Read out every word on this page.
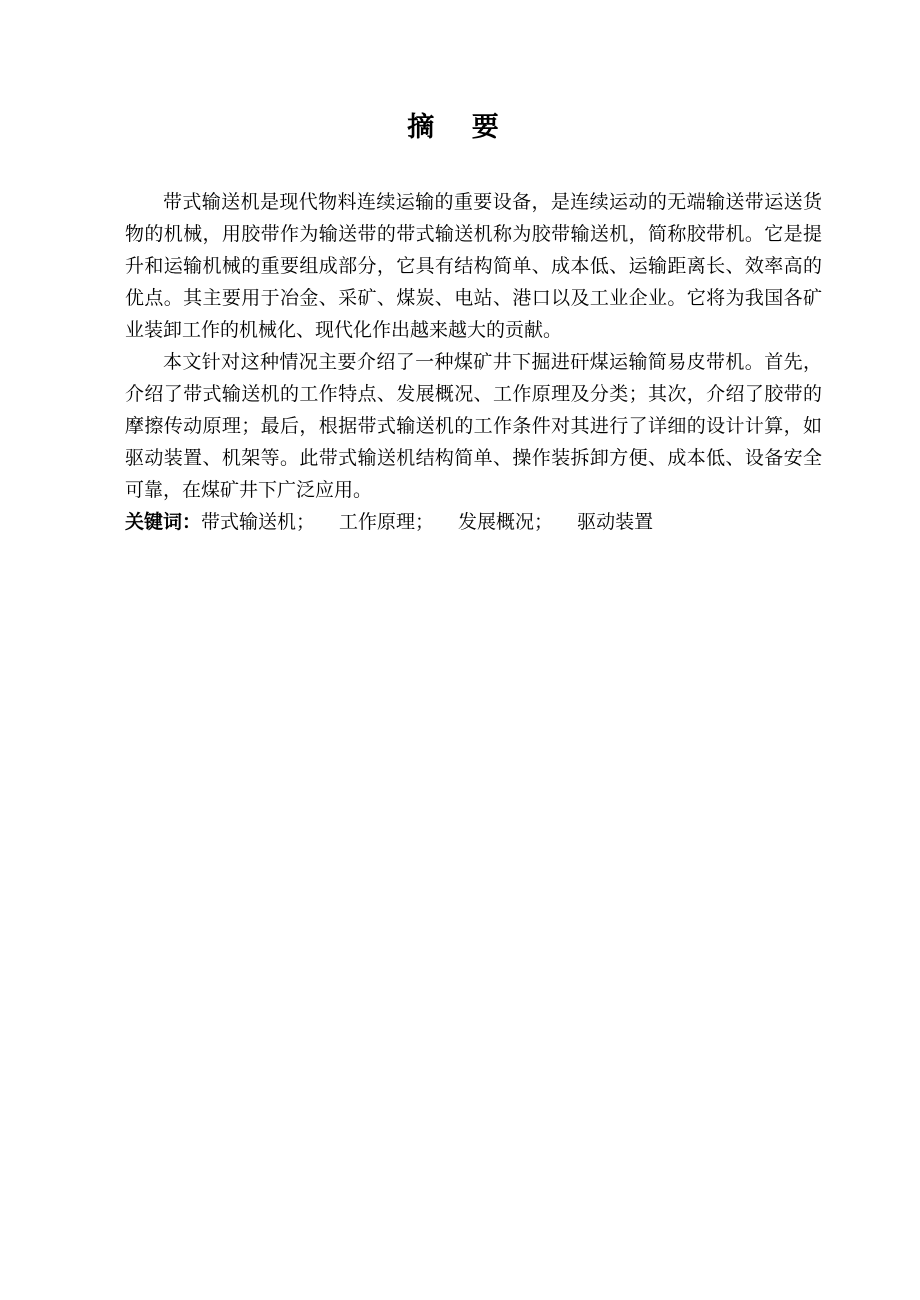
摘 要

带式输送机是现代物料连续运输的重要设备，是连续运动的无端输送带运送货物的机械，用胶带作为输送带的带式输送机称为胶带输送机，简称胶带机。它是提升和运输机械的重要组成部分，它具有结构简单、成本低、运输距离长、效率高的优点。其主要用于冶金、采矿、煤炭、电站、港口以及工业企业。它将为我国各矿业装卸工作的机械化、现代化作出越来越大的贡献。

本文针对这种情况主要介绍了一种煤矿井下掘进矸煤运输简易皮带机。首先，介绍了带式输送机的工作特点、发展概况、工作原理及分类；其次，介绍了胶带的摩擦传动原理；最后，根据带式输送机的工作条件对其进行了详细的设计计算，如驱动装置、机架等。此带式输送机结构简单、操作装拆卸方便、成本低、设备安全可靠，在煤矿井下广泛应用。

关键词：带式输送机； 工作原理； 发展概况； 驱动装置
